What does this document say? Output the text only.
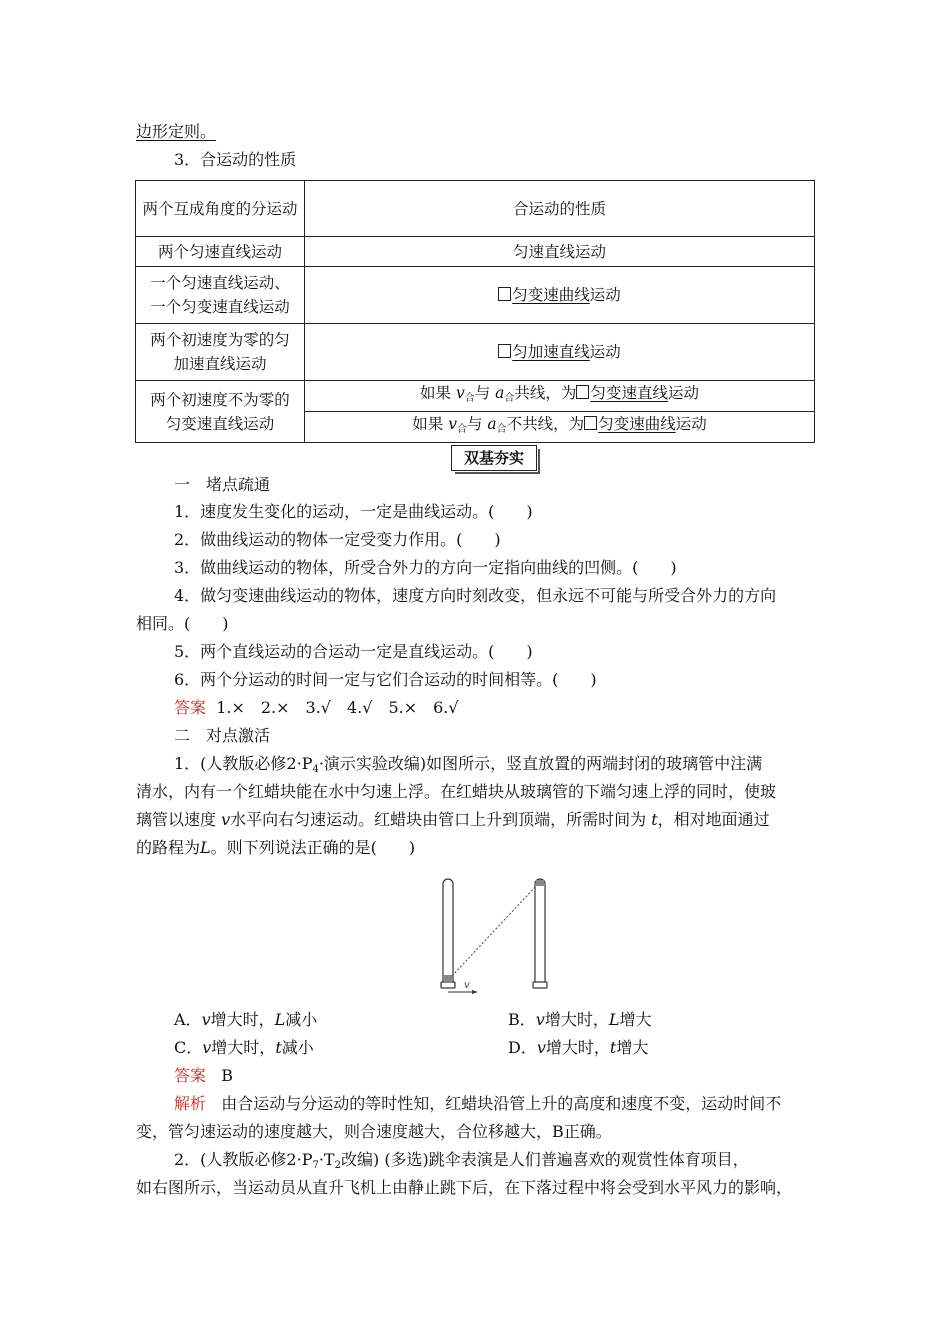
边形定则。
3．合运动的性质
两个互成角度的分运动	合运动的性质
两个匀速直线运动	匀速直线运动

一个匀速直线运动、
一个匀变速直线运动	匀变速曲线运动

两个初速度为零的匀
加速直线运动	匀加速直线运动

两个初速度不为零的
匀变速直线运动	如果 $v_合$与 $a_合$共线，为 匀变速直线运动
	如果 $v_合$与 $a_合$不共线，为 匀变速曲线运动
双基夯实
一　堵点疏通
1．速度发生变化的运动，一定是曲线运动。(　　)
2．做曲线运动的物体一定受变力作用。(　　)
3．做曲线运动的物体，所受合外力的方向一定指向曲线的凹侧。(　　)
4．做匀变速曲线运动的物体，速度方向时刻改变，但永远不可能与所受合外力的方向
相同。(　　)
5．两个直线运动的合运动一定是直线运动。(　　)
6．两个分运动的时间一定与它们合运动的时间相等。(　　)
答案 1.×　2.×　3.√　4.√　5.×　6.√
二　对点激活
1．(人教版必修$2\cdot P_4\cdot$演示实验改编)如图所示，竖直放置的两端封闭的玻璃管中注满
清水，内有一个红蜡块能在水中匀速上浮。在红蜡块从玻璃管的下端匀速上浮的同时，使玻
璃管以速度 v水平向右匀速运动。红蜡块由管口上升到顶端，所需时间为 t，相对地面通过
的路程为L。则下列说法正确的是(　　)
v
A．v增大时，L减小	B．v增大时，L增大
C．v增大时，t减小	D．v增大时，t增大
答案 B
解析 由合运动与分运动的等时性知，红蜡块沿管上升的高度和速度不变，运动时间不
变，管匀速运动的速度越大，则合速度越大，合位移越大，B正确。
2．(人教版必修$2\cdot P_7\cdot T_2$改编) (多选)跳伞表演是人们普遍喜欢的观赏性体育项目，
如右图所示，当运动员从直升飞机上由静止跳下后，在下落过程中将会受到水平风力的影响，
